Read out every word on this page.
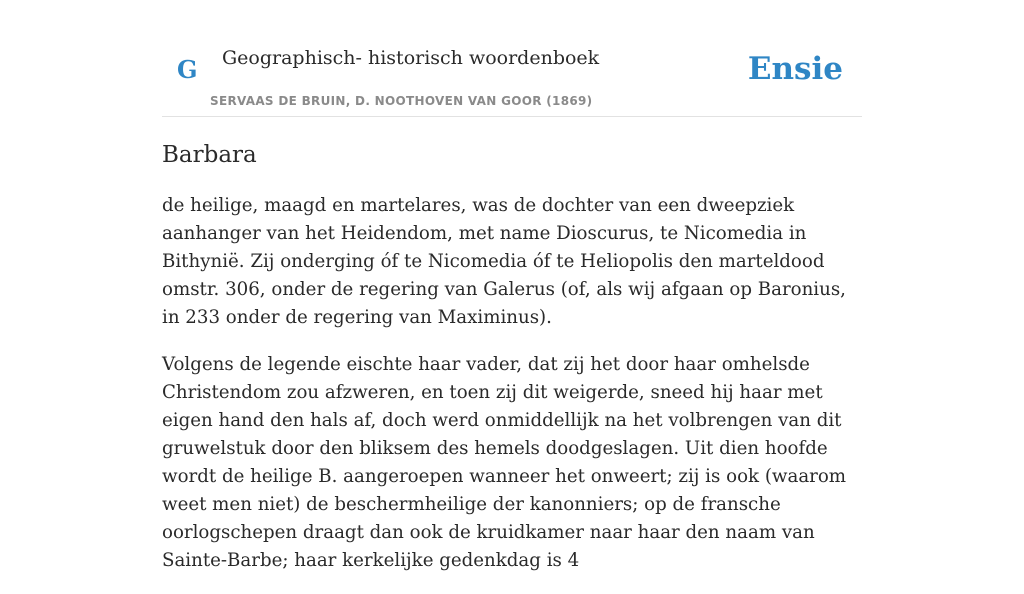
G Geographisch- historisch woordenboek
SERVAAS DE BRUIN, D. NOOTHOVEN VAN GOOR (1869)
Ensie
Barbara

de heilige, maagd en martelares, was de dochter van een dweepziek aanhanger van het Heidendom, met name Dioscurus, te Nicomedia in Bithynië. Zij onderging óf te Nicomedia óf te Heliopolis den marteldood omstr. 306, onder de regering van Galerus (of, als wij afgaan op Baronius, in 233 onder de regering van Maximinus).

Volgens de legende eischte haar vader, dat zij het door haar omhelsde Christendom zou afzweren, en toen zij dit weigerde, sneed hij haar met eigen hand den hals af, doch werd onmiddellijk na het volbrengen van dit gruwelstuk door den bliksem des hemels doodgeslagen. Uit dien hoofde wordt de heilige B. aangeroepen wanneer het onweert; zij is ook (waarom weet men niet) de beschermheilige der kanonniers; op de fransche oorlogschepen draagt dan ook de kruidkamer naar haar den naam van Sainte-Barbe; haar kerkelijke gedenkdag is 4
